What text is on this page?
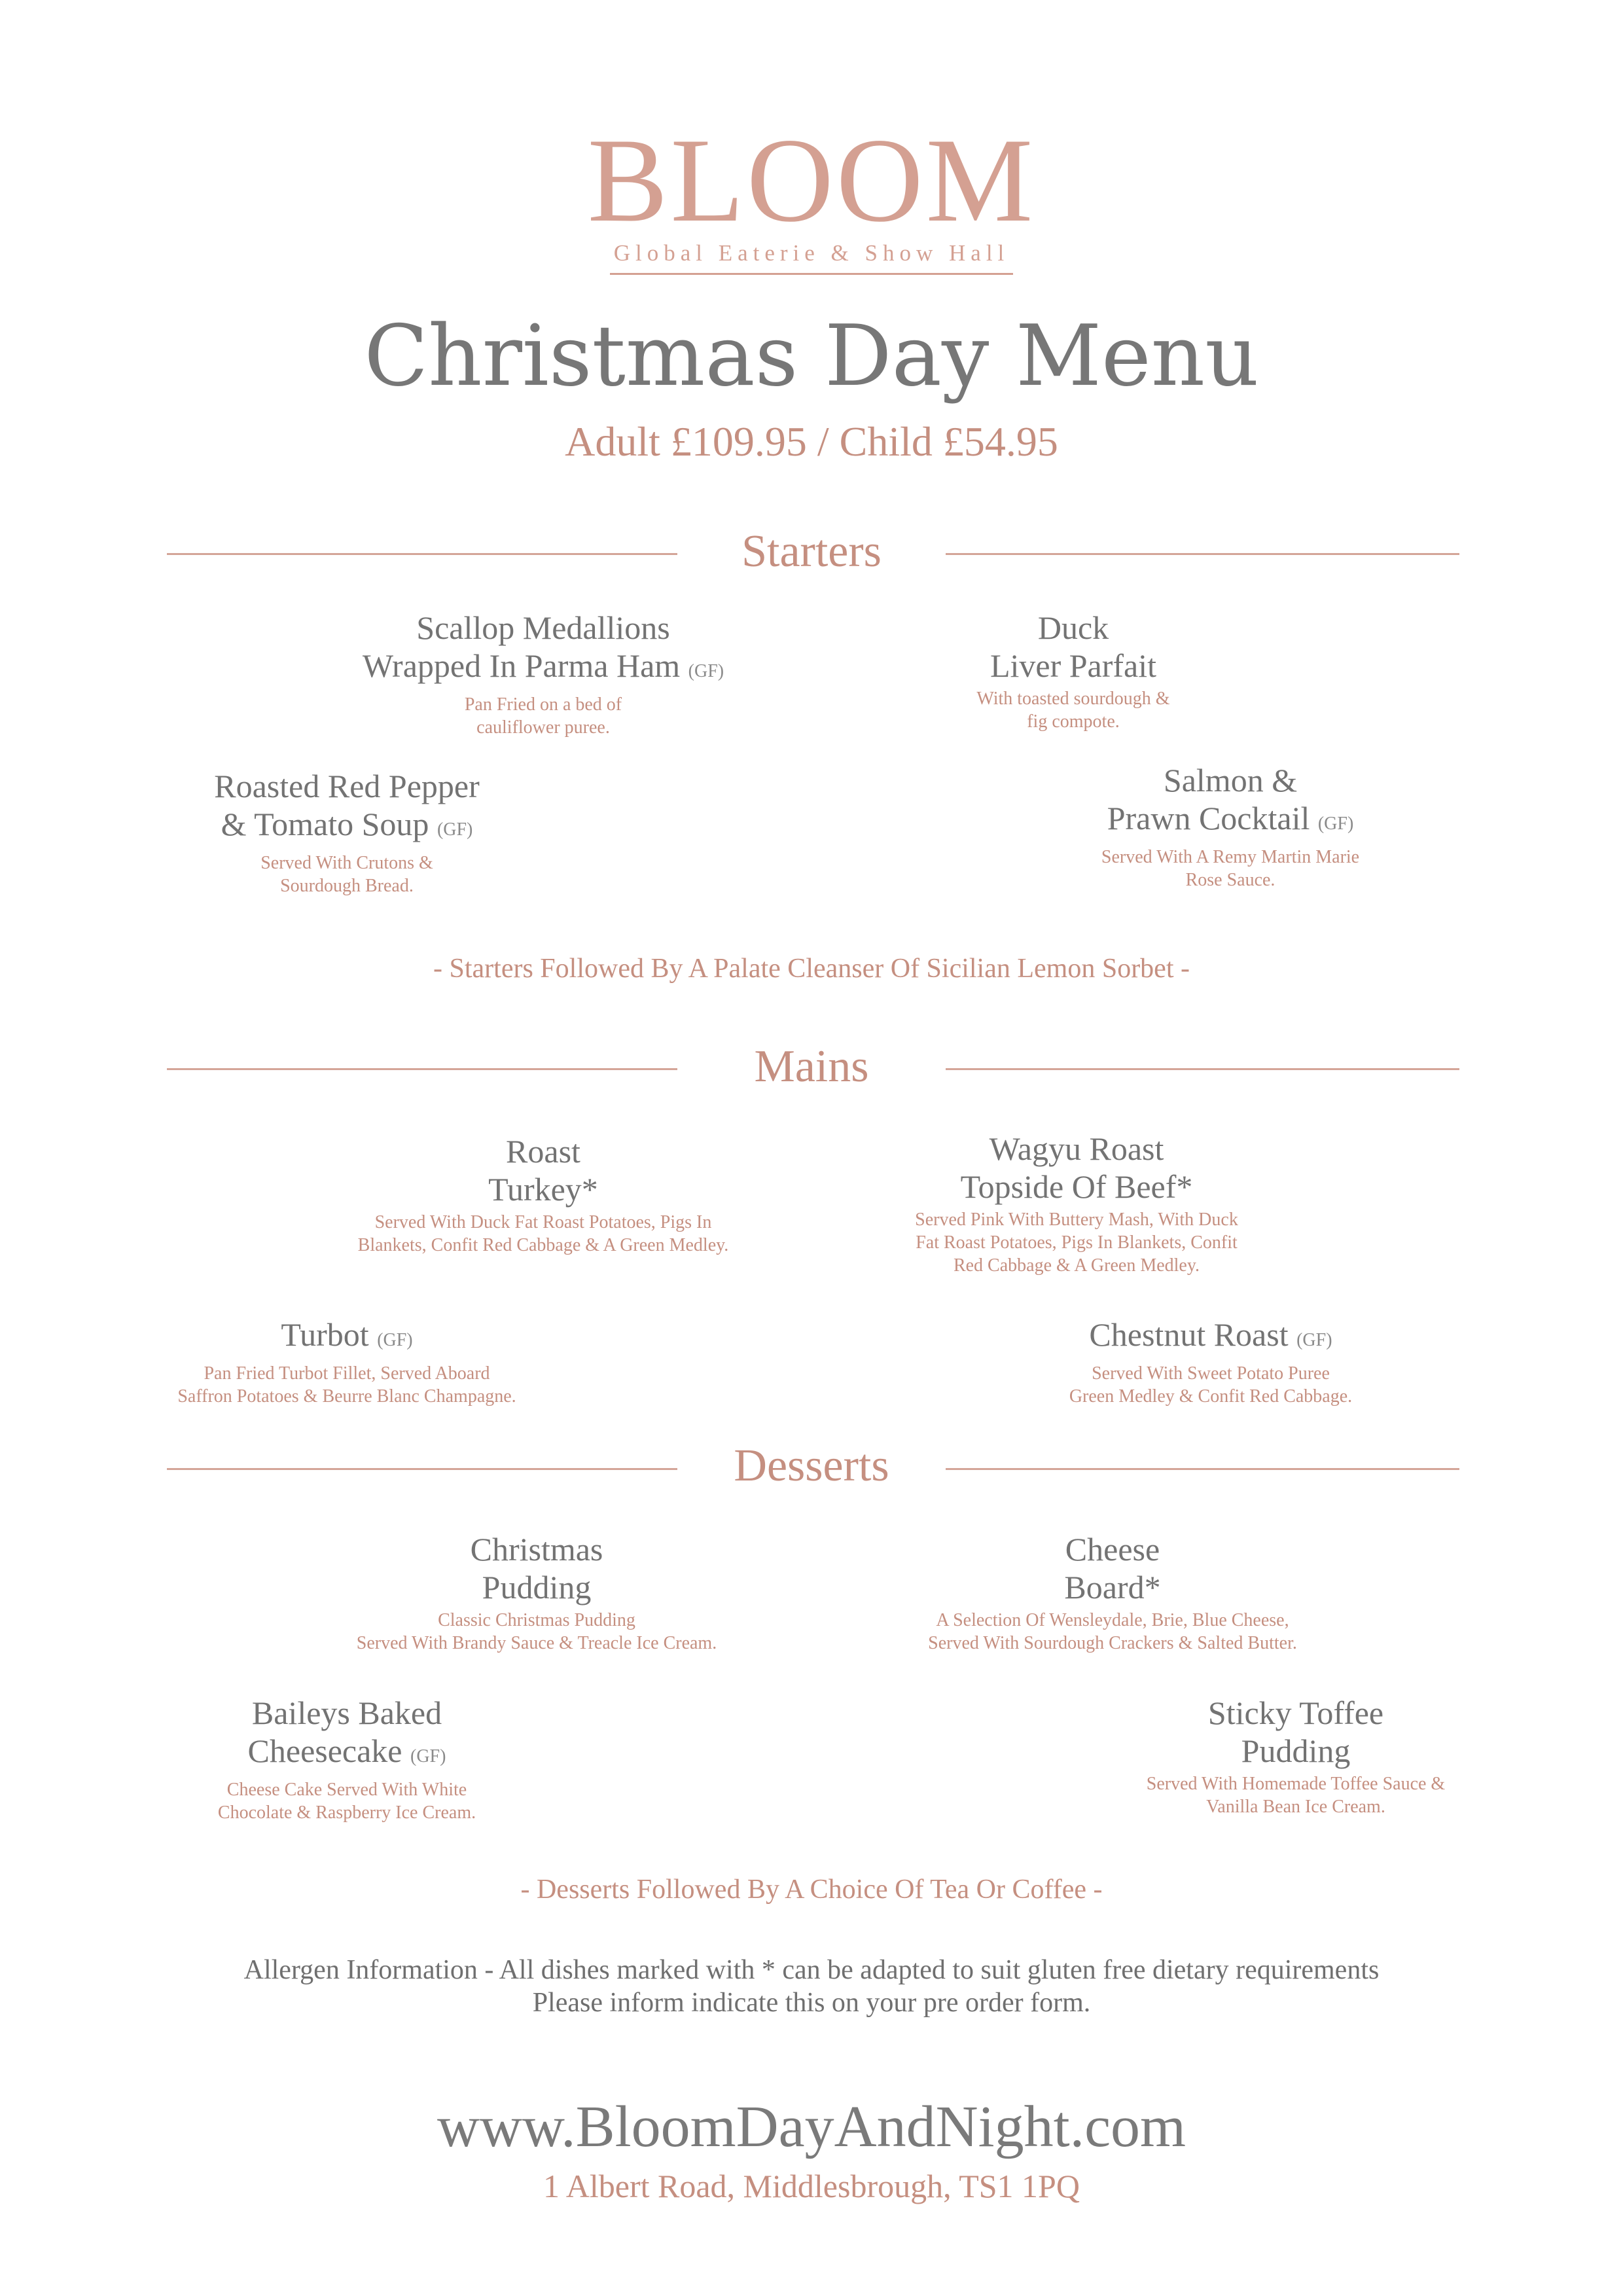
BLOOM
Global Eaterie & Show Hall
Christmas Day Menu
Adult £109.95 / Child £54.95
Starters
Scallop Medallions
Wrapped In Parma Ham (GF)
Pan Fried on a bed of
cauliflower puree.
Duck
Liver Parfait
With toasted sourdough &
fig compote.
Roasted Red Pepper
& Tomato Soup (GF)
Served With Crutons &
Sourdough Bread.
Salmon &
Prawn Cocktail (GF)
Served With A Remy Martin Marie
Rose Sauce.
- Starters Followed By A Palate Cleanser Of Sicilian Lemon Sorbet -
Mains
Roast
Turkey*
Served With Duck Fat Roast Potatoes, Pigs In
Blankets, Confit Red Cabbage & A Green Medley.
Wagyu Roast
Topside Of Beef*
Served Pink With Buttery Mash, With Duck
Fat Roast Potatoes, Pigs In Blankets, Confit
Red Cabbage & A Green Medley.
Turbot (GF)
Pan Fried Turbot Fillet, Served Aboard
Saffron Potatoes & Beurre Blanc Champagne.
Chestnut Roast (GF)
Served With Sweet Potato Puree
Green Medley & Confit Red Cabbage.
Desserts
Christmas
Pudding
Classic Christmas Pudding
Served With Brandy Sauce & Treacle Ice Cream.
Cheese
Board*
A Selection Of Wensleydale, Brie, Blue Cheese,
Served With Sourdough Crackers & Salted Butter.
Baileys Baked
Cheesecake (GF)
Cheese Cake Served With White
Chocolate & Raspberry Ice Cream.
Sticky Toffee
Pudding
Served With Homemade Toffee Sauce &
Vanilla Bean Ice Cream.
- Desserts Followed By A Choice Of Tea Or Coffee -
Allergen Information - All dishes marked with * can be adapted to suit gluten free dietary requirements
Please inform indicate this on your pre order form.
www.BloomDayAndNight.com
1 Albert Road, Middlesbrough, TS1 1PQ
